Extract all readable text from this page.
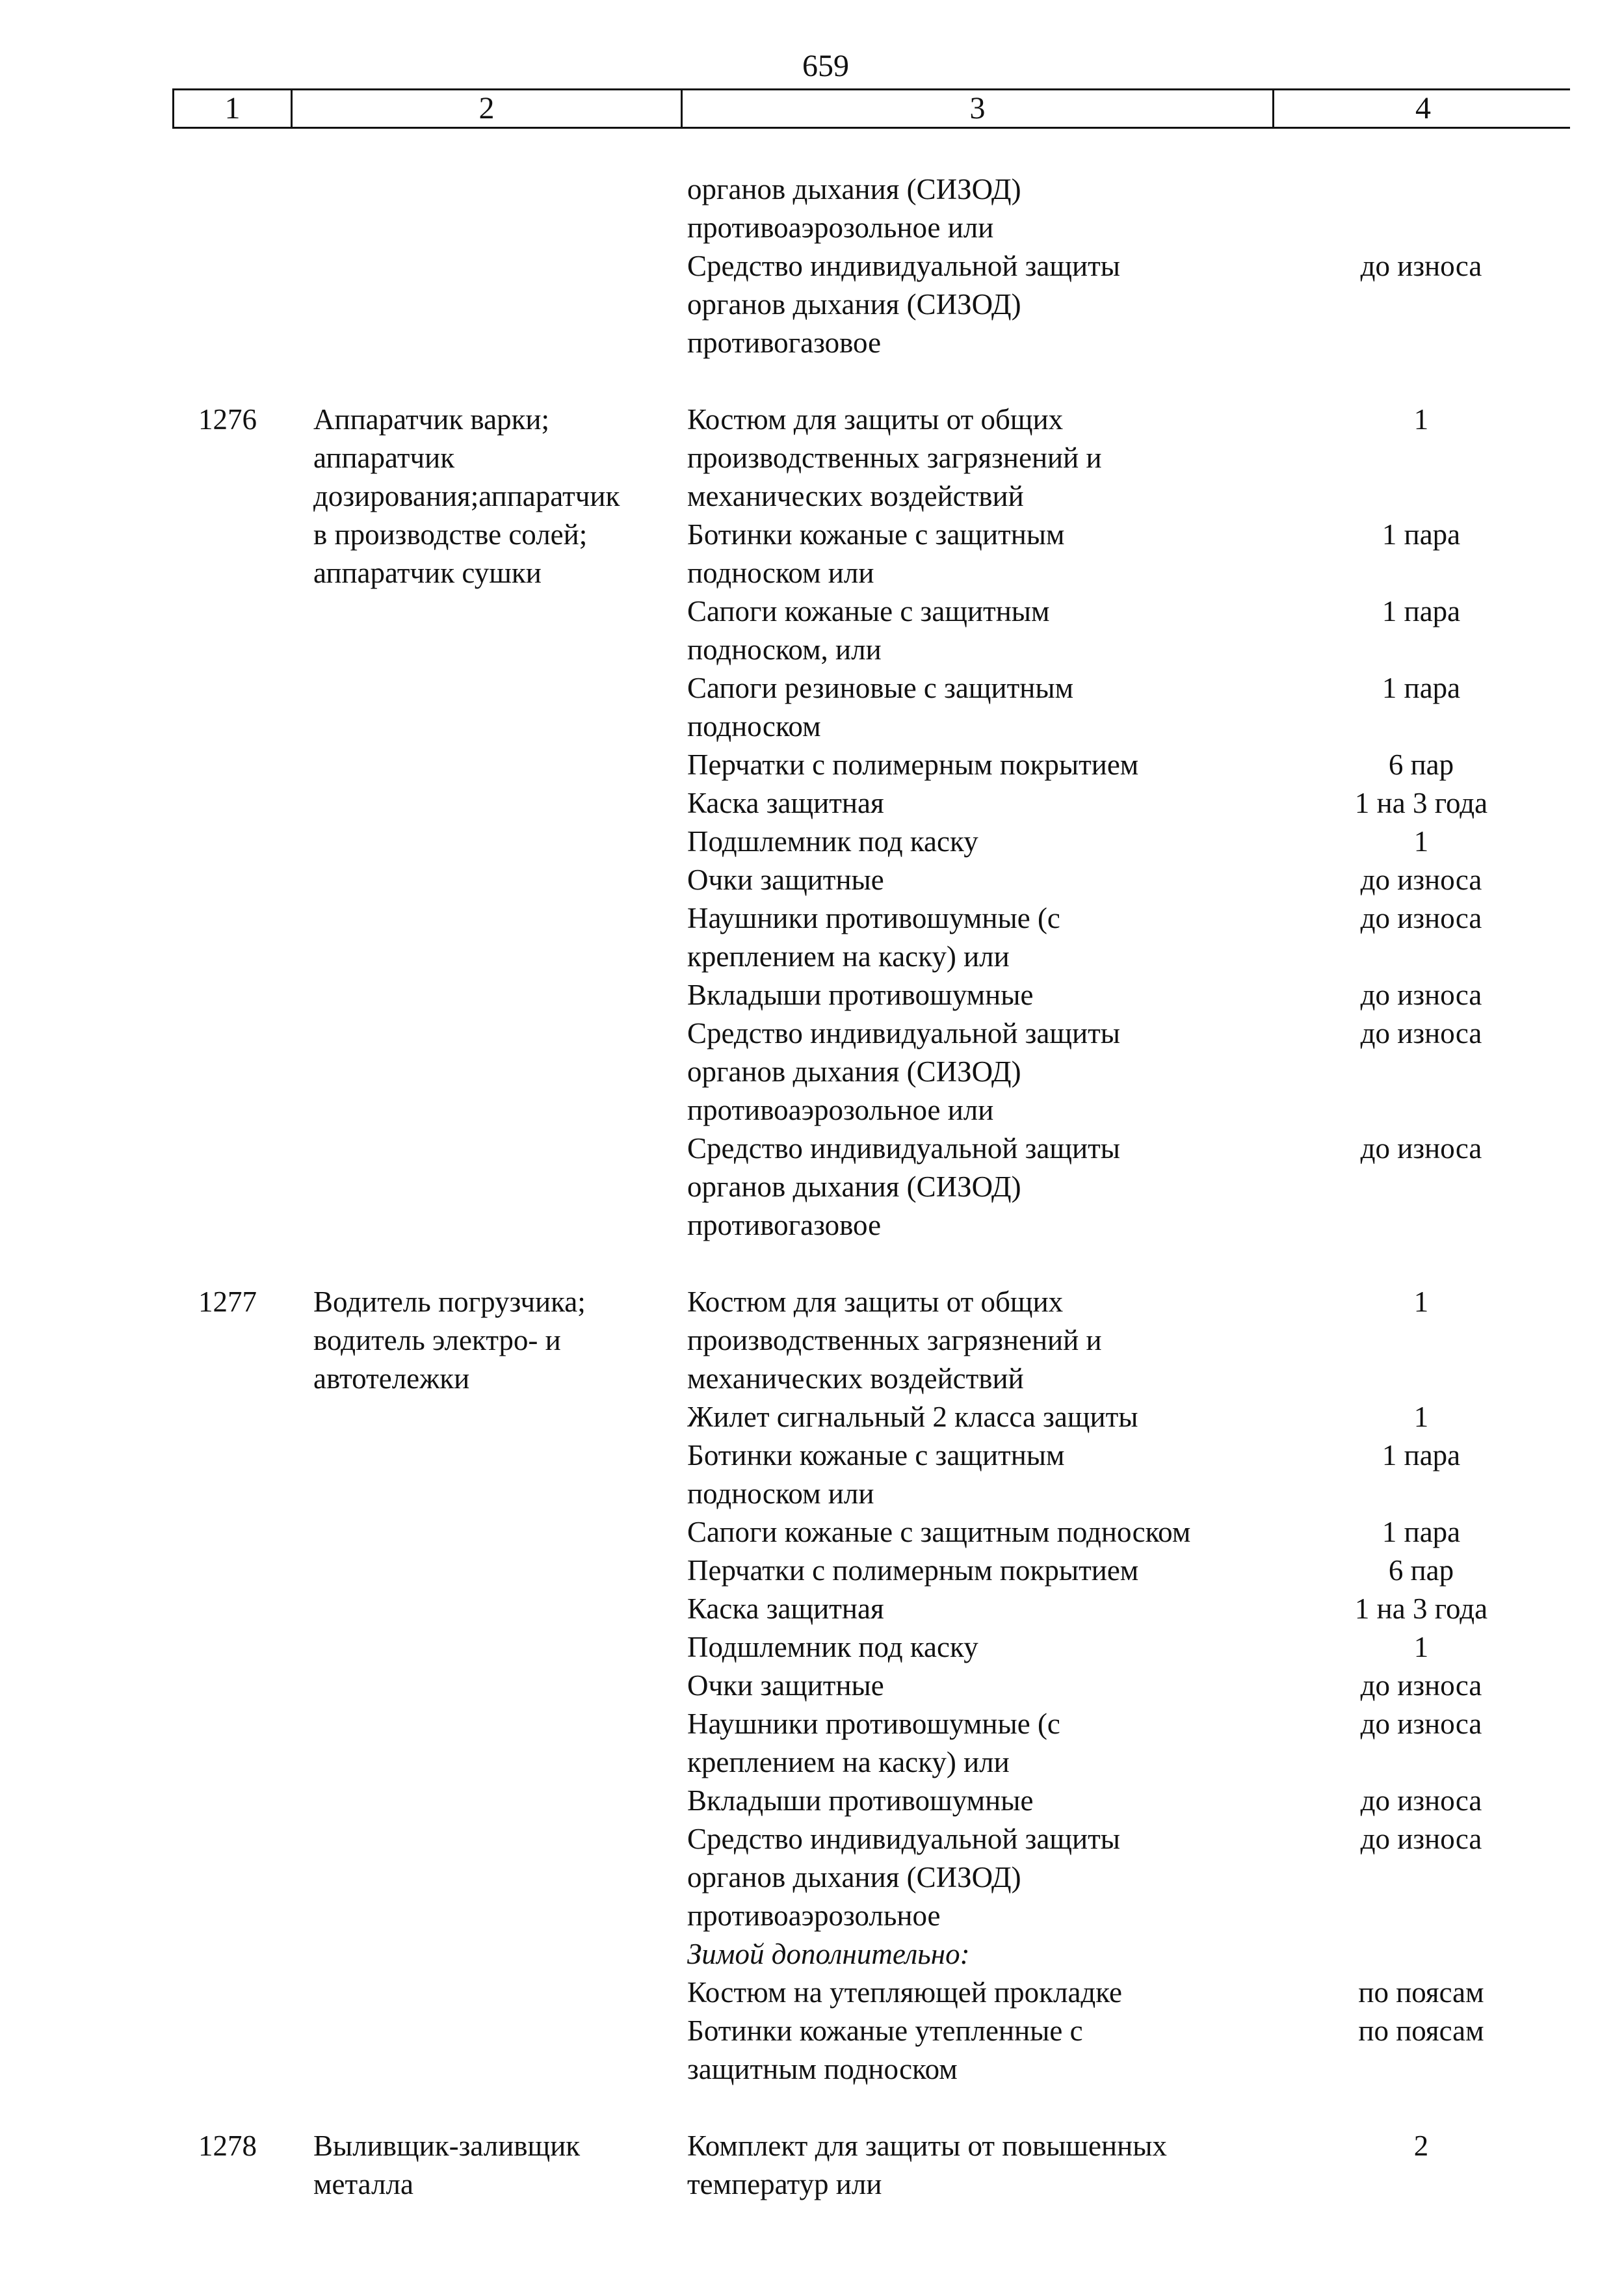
659
1	2	3	4
органов дыхания (СИЗОД)
противоаэрозольное или
Средство индивидуальной защиты	до износа
органов дыхания (СИЗОД)
противогазовое
1276	Аппаратчик варки;	Костюм для защиты от общих	1
аппаратчик	производственных загрязнений и
дозирования;аппаратчик	механических воздействий
в производстве солей;	Ботинки кожаные с защитным	1 пара
аппаратчик сушки	подноском или
Сапоги кожаные с защитным	1 пара
подноском, или
Сапоги резиновые с защитным	1 пара
подноском
Перчатки с полимерным покрытием	6 пар
Каска защитная	1 на 3 года
Подшлемник под каску	1
Очки защитные	до износа
Наушники противошумные (с	до износа
креплением на каску) или
Вкладыши противошумные	до износа
Средство индивидуальной защиты	до износа
органов дыхания (СИЗОД)
противоаэрозольное или
Средство индивидуальной защиты	до износа
органов дыхания (СИЗОД)
противогазовое
1277	Водитель погрузчика;	Костюм для защиты от общих	1
водитель электро- и	производственных загрязнений и
автотележки	механических воздействий
Жилет сигнальный 2 класса защиты	1
Ботинки кожаные с защитным	1 пара
подноском или
Сапоги кожаные с защитным подноском	1 пара
Перчатки с полимерным покрытием	6 пар
Каска защитная	1 на 3 года
Подшлемник под каску	1
Очки защитные	до износа
Наушники противошумные (с	до износа
креплением на каску) или
Вкладыши противошумные	до износа
Средство индивидуальной защиты	до износа
органов дыхания (СИЗОД)
противоаэрозольное
Зимой дополнительно:
Костюм на утепляющей прокладке	по поясам
Ботинки кожаные утепленные с	по поясам
защитным подноском
1278	Выливщик-заливщик	Комплект для защиты от повышенных	2
металла	температур или
